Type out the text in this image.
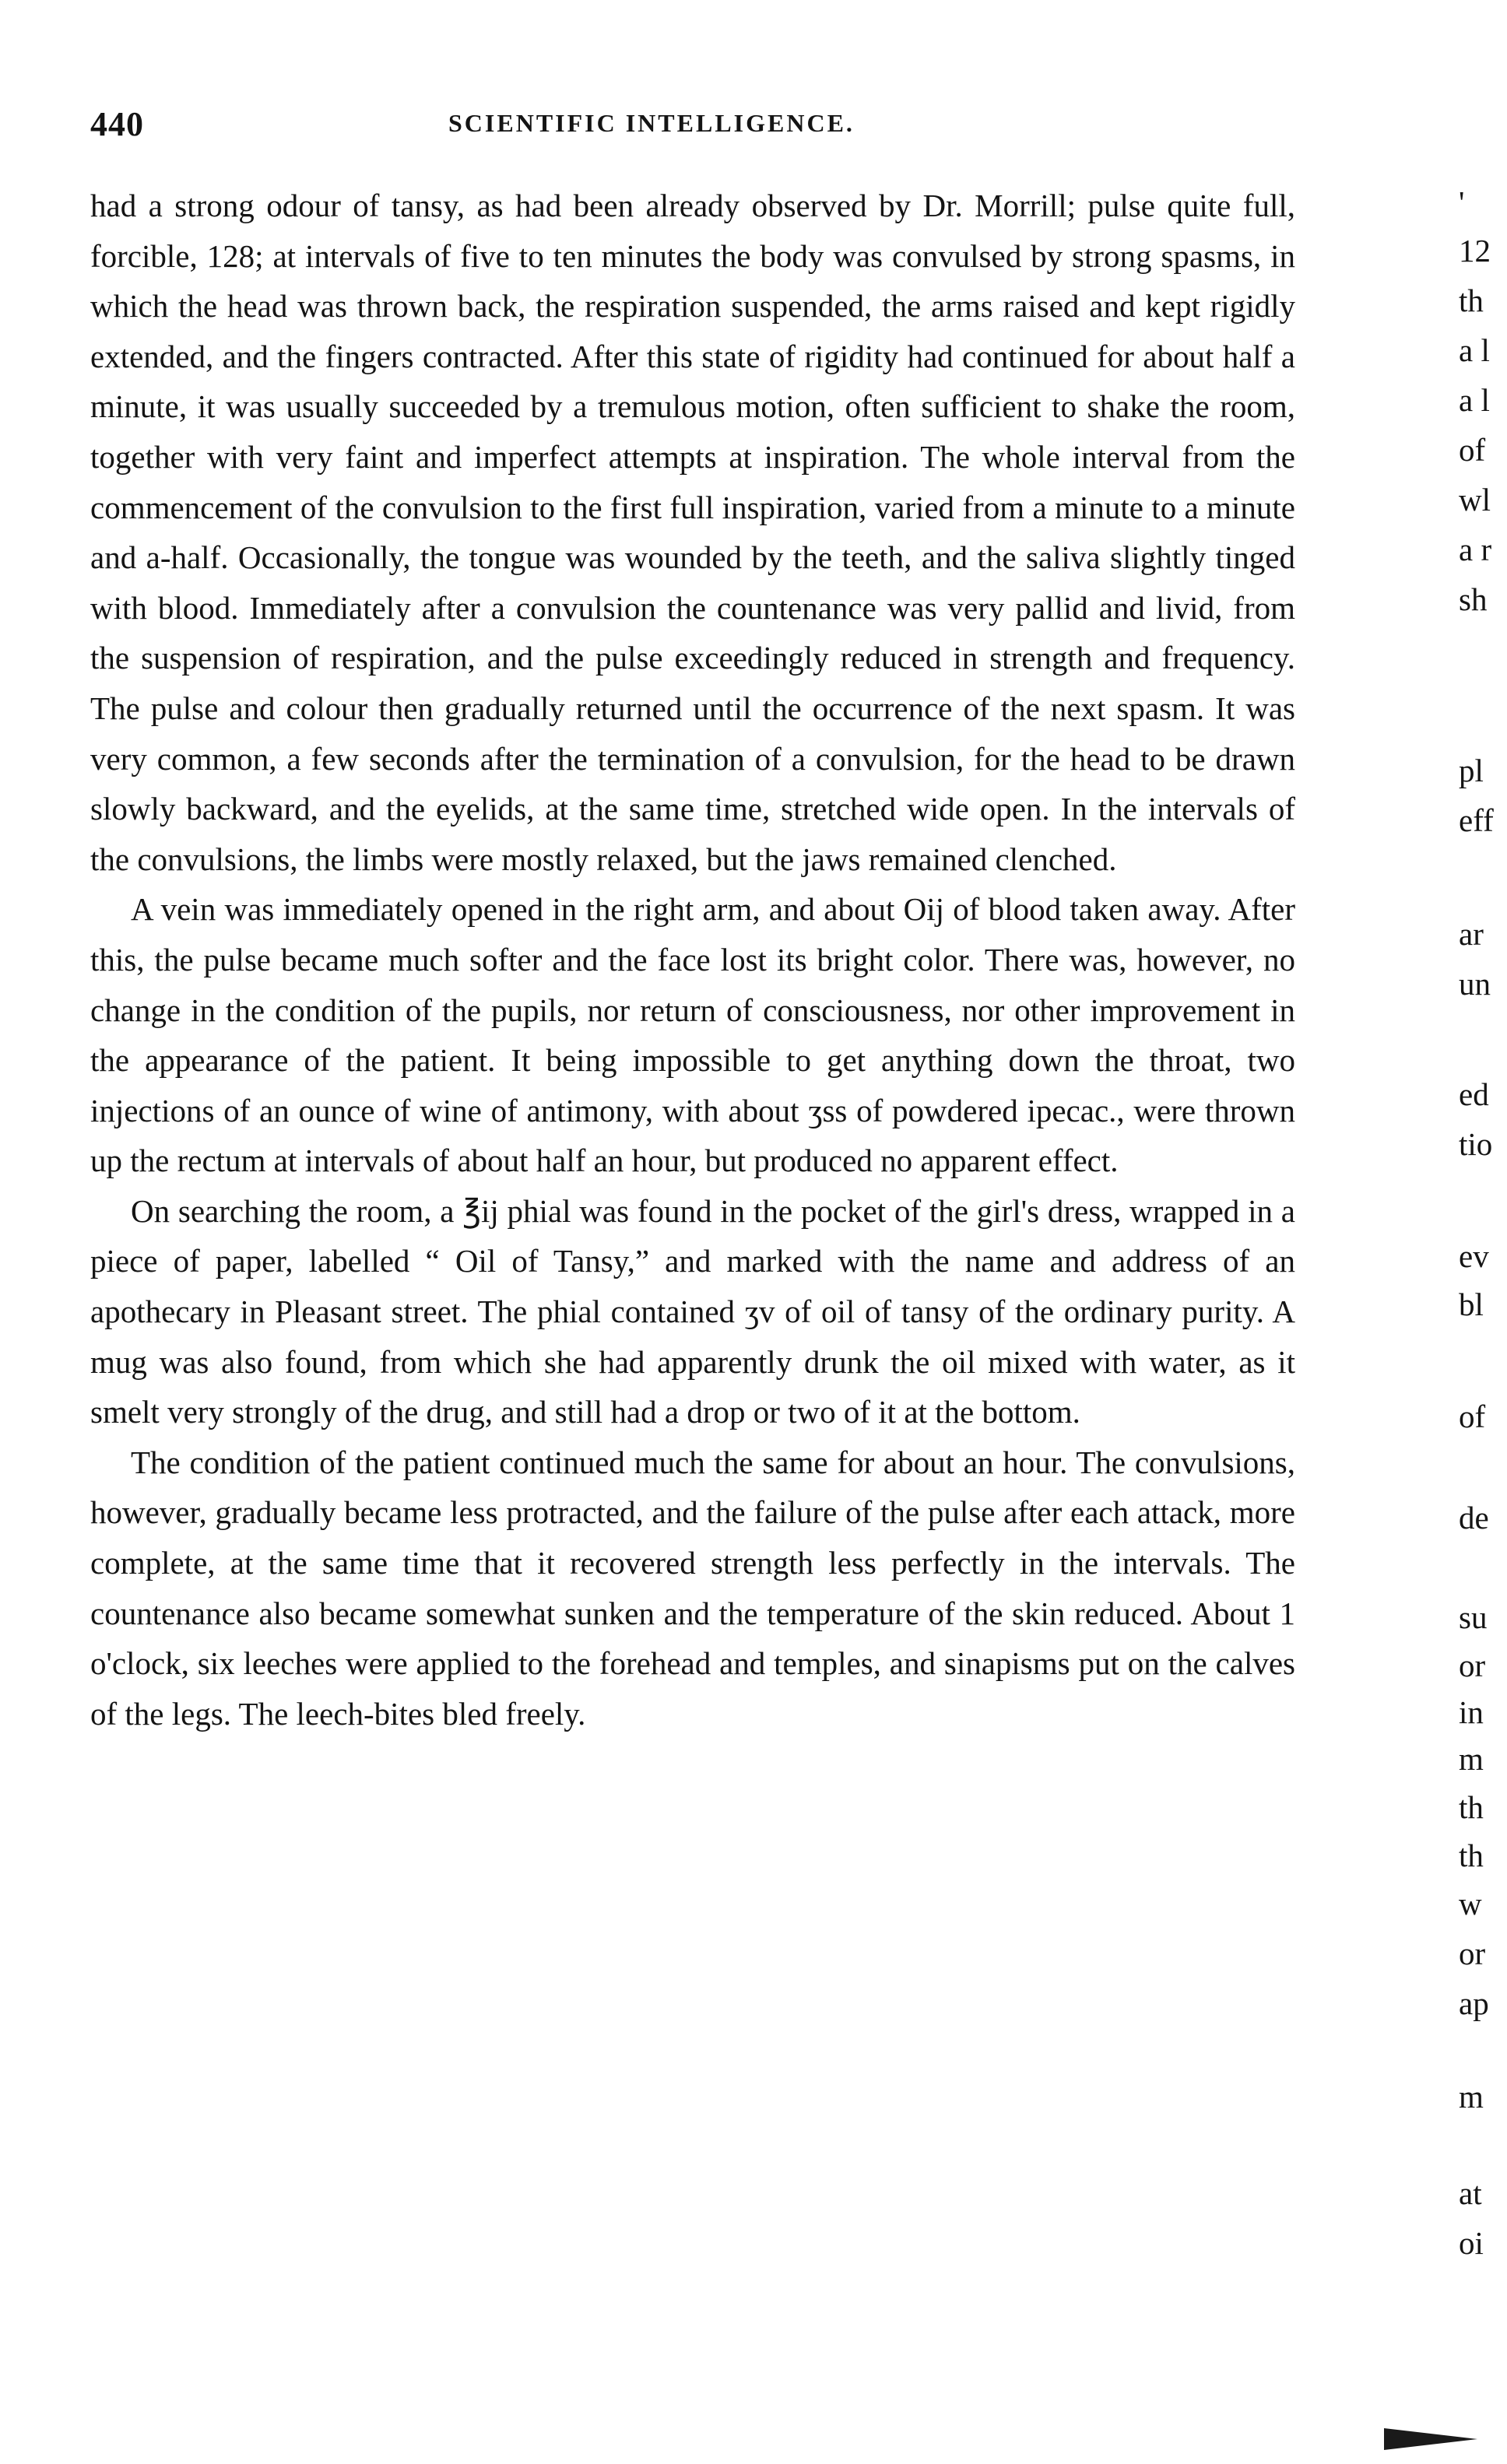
440	SCIENTIFIC INTELLIGENCE.

had a strong odour of tansy, as had been already observed by Dr. Morrill; pulse quite full, forcible, 128; at intervals of five to ten minutes the body was convulsed by strong spasms, in which the head was thrown back, the respiration suspended, the arms raised and kept rigidly extended, and the fingers contracted. After this state of rigidity had continued for about half a minute, it was usually succeeded by a tremulous motion, often sufficient to shake the room, together with very faint and imperfect attempts at inspiration. The whole interval from the commencement of the convulsion to the first full inspiration, varied from a minute to a minute and a-half. Occasionally, the tongue was wounded by the teeth, and the saliva slightly tinged with blood. Immediately after a convulsion the countenance was very pallid and livid, from the suspension of respiration, and the pulse exceedingly reduced in strength and frequency. The pulse and colour then gradually returned until the occurrence of the next spasm. It was very common, a few seconds after the termination of a convulsion, for the head to be drawn slowly backward, and the eyelids, at the same time, stretched wide open. In the intervals of the convulsions, the limbs were mostly relaxed, but the jaws remained clenched.

A vein was immediately opened in the right arm, and about Oij of blood taken away. After this, the pulse became much softer and the face lost its bright color. There was, however, no change in the condition of the pupils, nor return of consciousness, nor other improvement in the appearance of the patient. It being impossible to get anything down the throat, two injections of an ounce of wine of antimony, with about ʒss of powdered ipecac., were thrown up the rectum at intervals of about half an hour, but produced no apparent effect.

On searching the room, a ℥ij phial was found in the pocket of the girl's dress, wrapped in a piece of paper, labelled “ Oil of Tansy,” and marked with the name and address of an apothecary in Pleasant street. The phial contained ʒv of oil of tansy of the ordinary purity. A mug was also found, from which she had apparently drunk the oil mixed with water, as it smelt very strongly of the drug, and still had a drop or two of it at the bottom.

The condition of the patient continued much the same for about an hour. The convulsions, however, gradually became less protracted, and the failure of the pulse after each attack, more complete, at the same time that it recovered strength less perfectly in the intervals. The countenance also became somewhat sunken and the temperature of the skin reduced. About 1 o'clock, six leeches were applied to the forehead and temples, and sinapisms put on the calves of the legs. The leech-bites bled freely.

'
12
th
a l
a l
of
wl
a r
sh
pl
eff
ar
un
ed
tio
ev
bl
of
de
su
or
in
m
th
th
w
or
ap
m
at
oi
